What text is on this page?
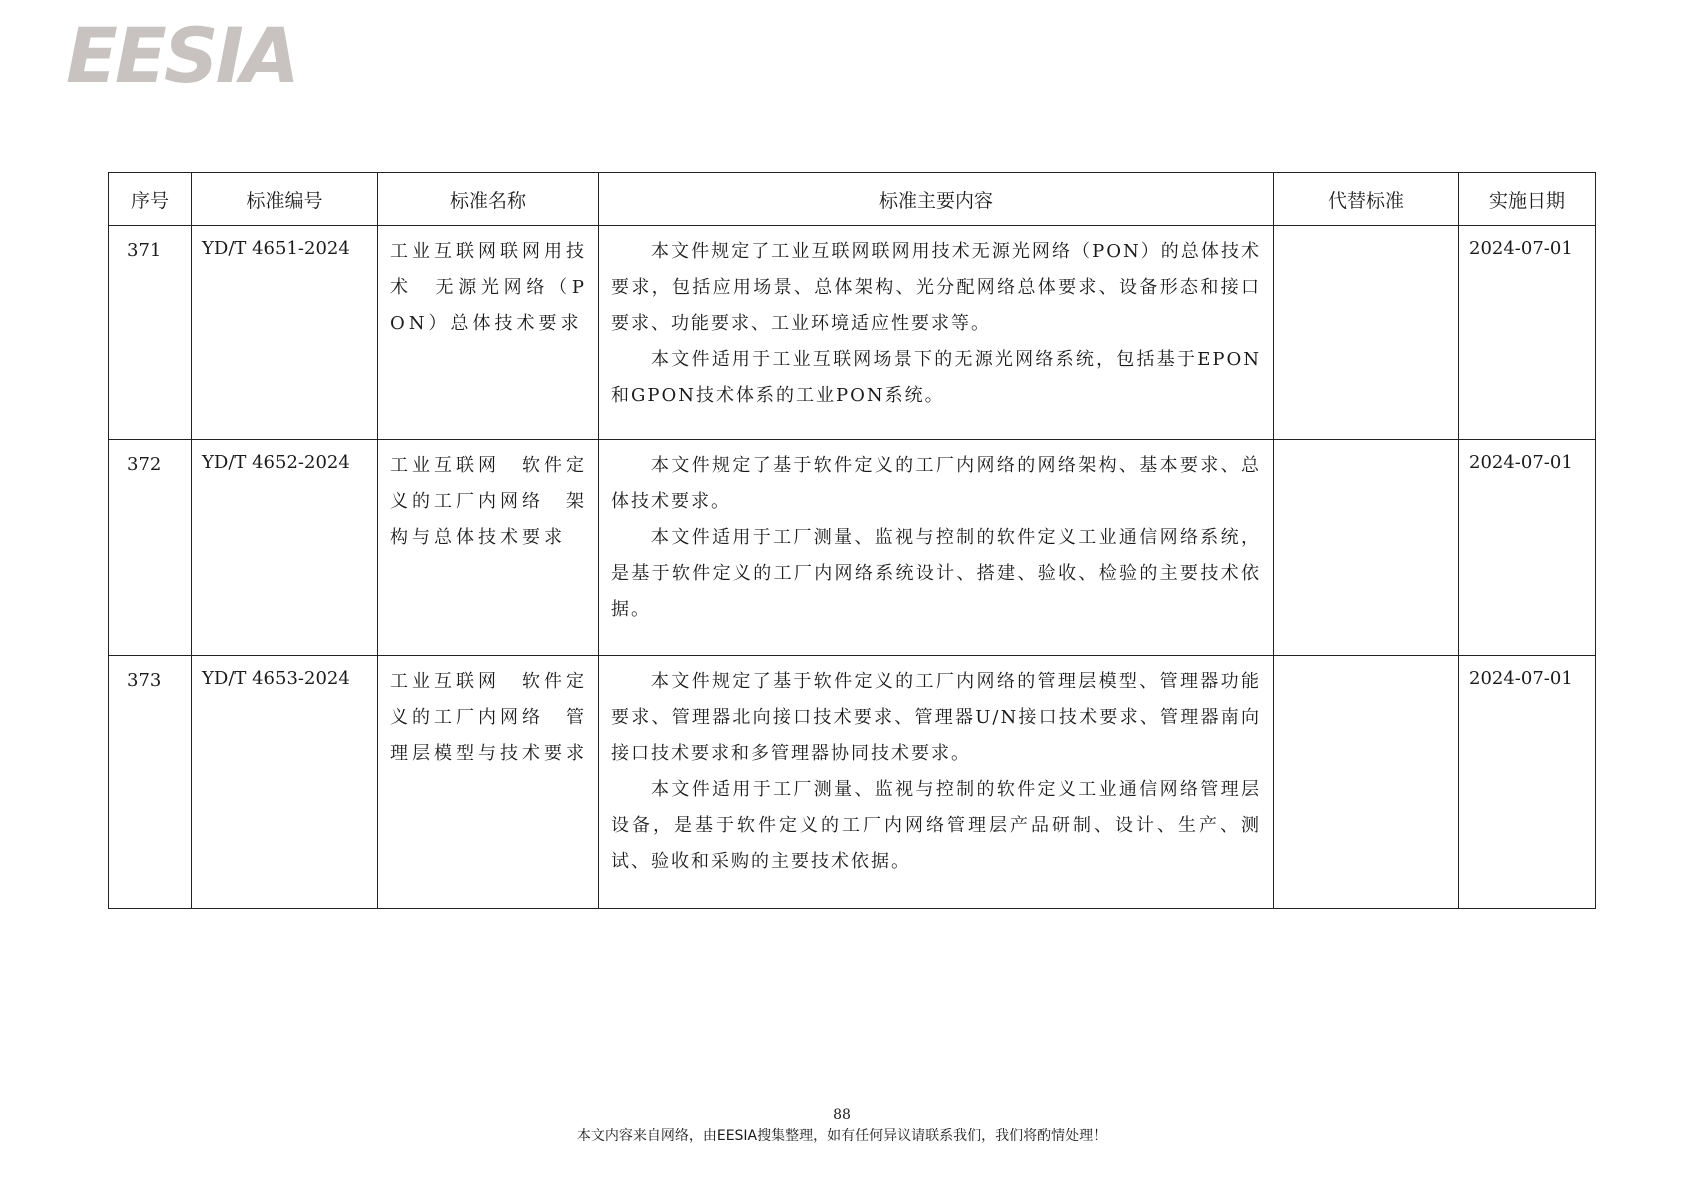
EESIA
序号	标准编号	标准名称	标准主要内容	代替标准	实施日期
371	YD/T 4651-2024	工业互联网联网用技术　无源光网络（PON）总体技术要求	本文件规定了工业互联网联网用技术无源光网络（PON）的总体技术要求，包括应用场景、总体架构、光分配网络总体要求、设备形态和接口要求、功能要求、工业环境适应性要求等。

本文件适用于工业互联网场景下的无源光网络系统，包括基于EPON和GPON技术体系的工业PON系统。		2024-07-01
372	YD/T 4652-2024	工业互联网　软件定义的工厂内网络　架构与总体技术要求	本文件规定了基于软件定义的工厂内网络的网络架构、基本要求、总体技术要求。

本文件适用于工厂测量、监视与控制的软件定义工业通信网络系统，是基于软件定义的工厂内网络系统设计、搭建、验收、检验的主要技术依据。		2024-07-01
373	YD/T 4653-2024	工业互联网　软件定义的工厂内网络　管理层模型与技术要求	本文件规定了基于软件定义的工厂内网络的管理层模型、管理器功能要求、管理器北向接口技术要求、管理器U/N接口技术要求、管理器南向接口技术要求和多管理器协同技术要求。

本文件适用于工厂测量、监视与控制的软件定义工业通信网络管理层设备，是基于软件定义的工厂内网络管理层产品研制、设计、生产、测试、验收和采购的主要技术依据。		2024-07-01
88
本文内容来自网络，由EESIA搜集整理，如有任何异议请联系我们，我们将酌情处理！
